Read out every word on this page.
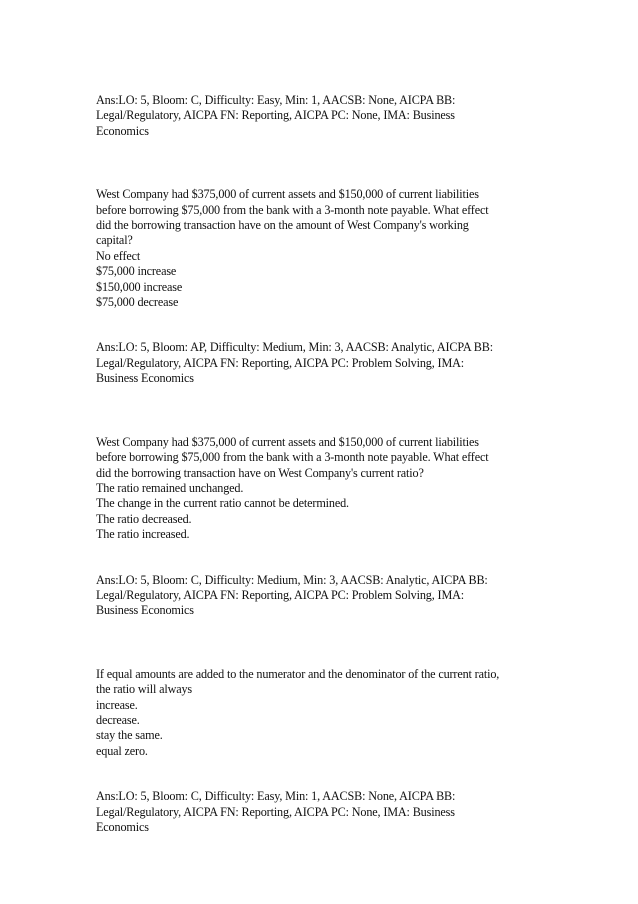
Ans:LO: 5, Bloom: C, Difficulty: Easy, Min: 1, AACSB: None, AICPA BB:
Legal/Regulatory, AICPA FN: Reporting, AICPA PC: None, IMA: Business
Economics
West Company had $375,000 of current assets and $150,000 of current liabilities
before borrowing $75,000 from the bank with a 3-month note payable. What effect
did the borrowing transaction have on the amount of West Company's working
capital?
No effect
$75,000 increase
$150,000 increase
$75,000 decrease
Ans:LO: 5, Bloom: AP, Difficulty: Medium, Min: 3, AACSB: Analytic, AICPA BB:
Legal/Regulatory, AICPA FN: Reporting, AICPA PC: Problem Solving, IMA:
Business Economics
West Company had $375,000 of current assets and $150,000 of current liabilities
before borrowing $75,000 from the bank with a 3-month note payable. What effect
did the borrowing transaction have on West Company's current ratio?
The ratio remained unchanged.
The change in the current ratio cannot be determined.
The ratio decreased.
The ratio increased.
Ans:LO: 5, Bloom: C, Difficulty: Medium, Min: 3, AACSB: Analytic, AICPA BB:
Legal/Regulatory, AICPA FN: Reporting, AICPA PC: Problem Solving, IMA:
Business Economics
If equal amounts are added to the numerator and the denominator of the current ratio,
the ratio will always
increase.
decrease.
stay the same.
equal zero.
Ans:LO: 5, Bloom: C, Difficulty: Easy, Min: 1, AACSB: None, AICPA BB:
Legal/Regulatory, AICPA FN: Reporting, AICPA PC: None, IMA: Business
Economics
